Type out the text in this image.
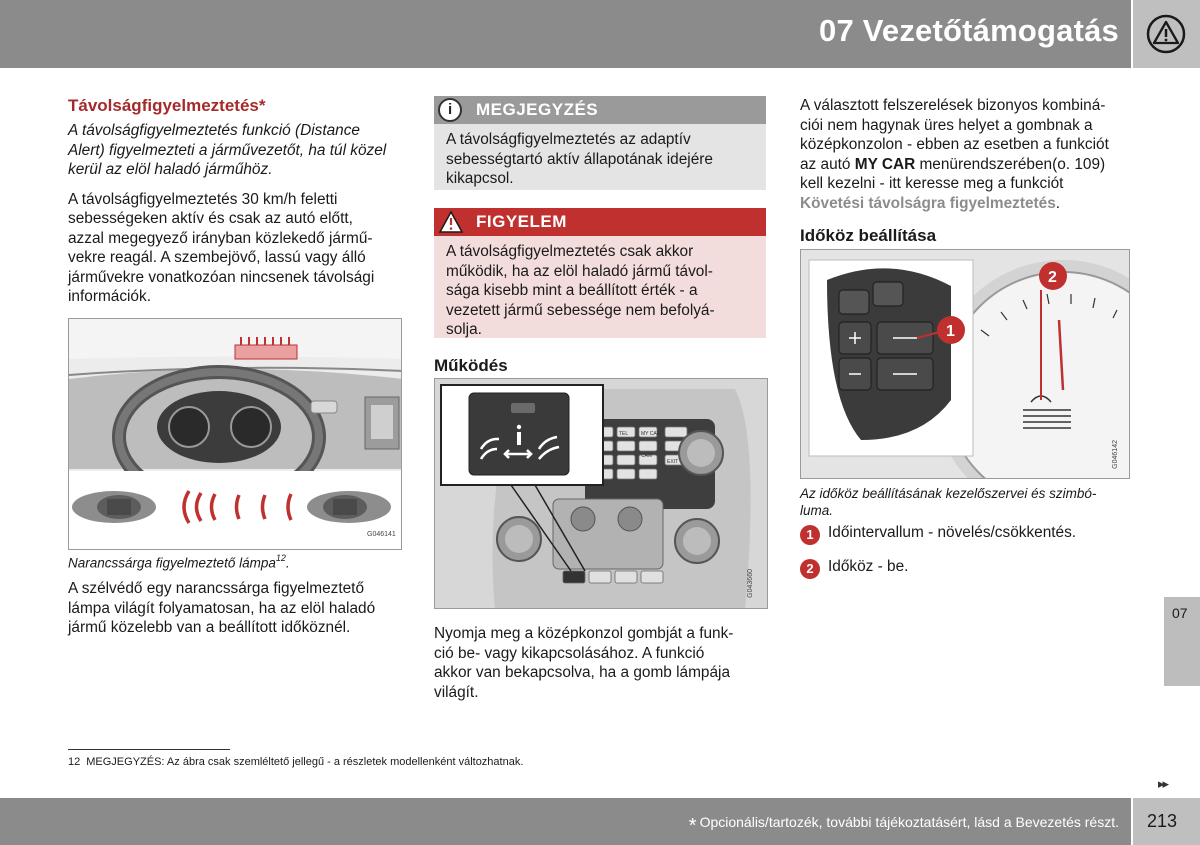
07 Vezetőtámogatás
Távolságfigyelmeztetés*
A távolságfigyelmeztetés funkció (Distance
Alert) figyelmezteti a járművezetőt, ha túl közel
kerül az elöl haladó járműhöz.
A távolságfigyelmeztetés 30 km/h feletti
sebességeken aktív és csak az autó előtt,
azzal megegyező irányban közlekedő jármű-
vekre reagál. A szembejövő, lassú vagy álló
járművekre vonatkozóan nincsenek távolsági
információk.
G046141
Narancssárga figyelmeztető lámpa$^{12}$.
A szélvédő egy narancssárga figyelmeztető
lámpa világít folyamatosan, ha az elöl haladó
jármű közelebb van a beállított időköznél.
i MEGJEGYZÉS
A távolságfigyelmeztetés az adaptív
sebességtartó aktív állapotának idejére
kikapcsol.
FIGYELEM
A távolságfigyelmeztetés csak akkor
működik, ha az elöl haladó jármű távol-
sága kisebb mint a beállított érték - a
vezetett jármű sebessége nem befolyá-
solja.
Működés
TEL	MY CAR
CAM
EXIT
G043660
Nyomja meg a középkonzol gombját a funk-
ció be- vagy kikapcsolásához. A funkció
akkor van bekapcsolva, ha a gomb lámpája
világít.
A választott felszerelések bizonyos kombiná-
ciói nem hagynak üres helyet a gombnak a
középkonzolon - ebben az esetben a funkciót
az autó MY CAR menürendszerében(o. 109)
kell kezelni - itt keresse meg a funkciót
Követési távolságra figyelmeztetés.
Időköz beállítása
1
2
G046142
Az időköz beállításának kezelőszervei és szimbó-
luma.
1 Időintervallum - növelés/csökkentés.
2 Időköz - be.
07
12 MEGJEGYZÉS: Az ábra csak szemléltető jellegű - a részletek modellenként változhatnak.
▸▸
* Opcionális/tartozék, további tájékoztatásért, lásd a Bevezetés részt. 213
